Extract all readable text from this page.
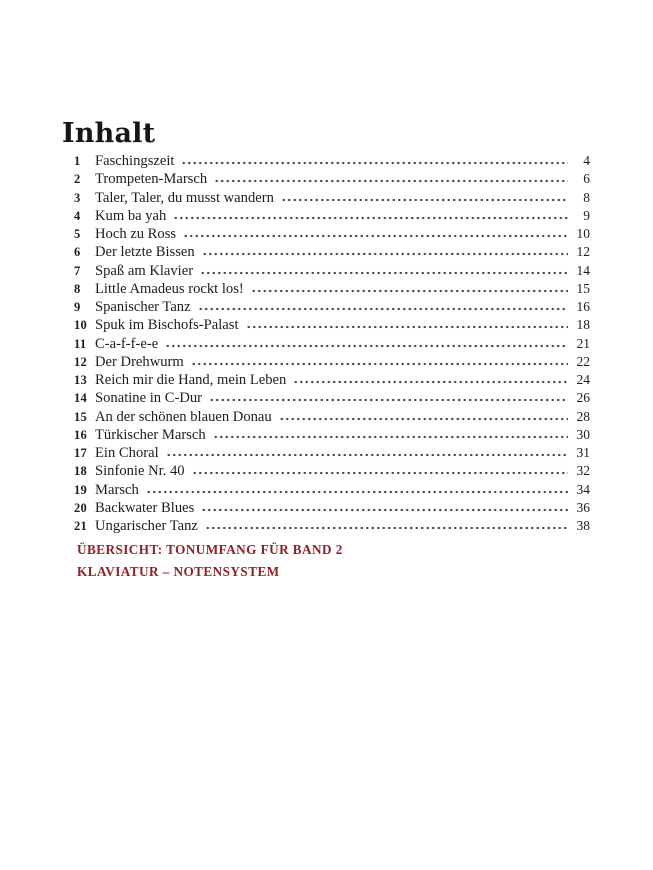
Inhalt
1 Faschingszeit	4
2 Trompeten-Marsch	6
3 Taler, Taler, du musst wandern	8
4 Kum ba yah	9
5 Hoch zu Ross	10
6 Der letzte Bissen	12
7 Spaß am Klavier	14
8 Little Amadeus rockt los!	15
9 Spanischer Tanz	16
10 Spuk im Bischofs-Palast	18
11 C-a-f-f-e-e	21
12 Der Drehwurm	22
13 Reich mir die Hand, mein Leben	24
14 Sonatine in C-Dur	26
15 An der schönen blauen Donau	28
16 Türkischer Marsch	30
17 Ein Choral	31
18 Sinfonie Nr. 40	32
19 Marsch	34
20 Backwater Blues	36
21 Ungarischer Tanz	38
ÜBERSICHT: TONUMFANG FÜR BAND 2
KLAVIATUR – NOTENSYSTEM
